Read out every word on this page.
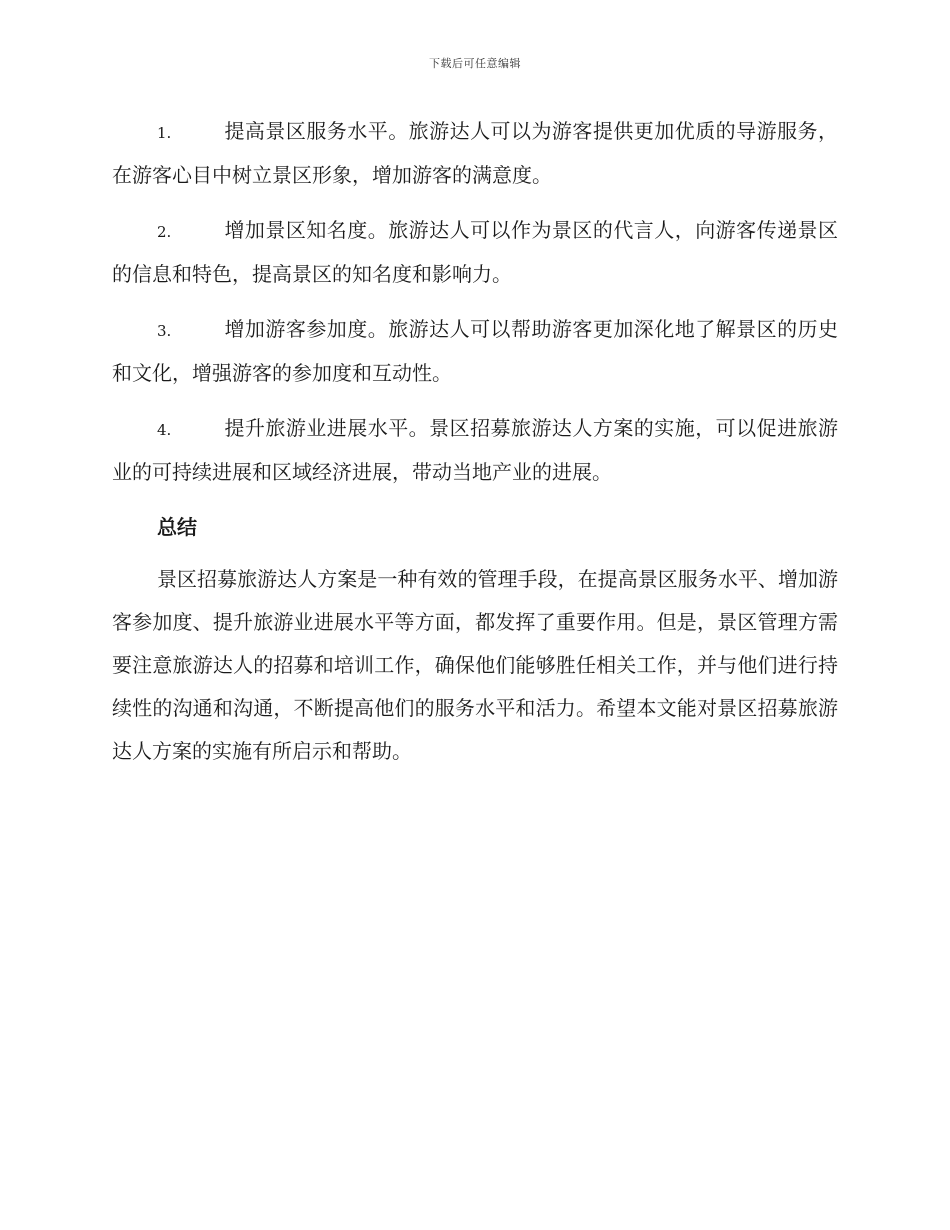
下载后可任意编辑

1.	提高景区服务水平。旅游达人可以为游客提供更加优质的导游服务，在游客心目中树立景区形象，增加游客的满意度。

2.	增加景区知名度。旅游达人可以作为景区的代言人，向游客传递景区的信息和特色，提高景区的知名度和影响力。

3.	增加游客参加度。旅游达人可以帮助游客更加深化地了解景区的历史和文化，增强游客的参加度和互动性。

4.	提升旅游业进展水平。景区招募旅游达人方案的实施，可以促进旅游业的可持续进展和区域经济进展，带动当地产业的进展。

总结

景区招募旅游达人方案是一种有效的管理手段，在提高景区服务水平、增加游客参加度、提升旅游业进展水平等方面，都发挥了重要作用。但是，景区管理方需要注意旅游达人的招募和培训工作，确保他们能够胜任相关工作，并与他们进行持续性的沟通和沟通，不断提高他们的服务水平和活力。希望本文能对景区招募旅游达人方案的实施有所启示和帮助。
